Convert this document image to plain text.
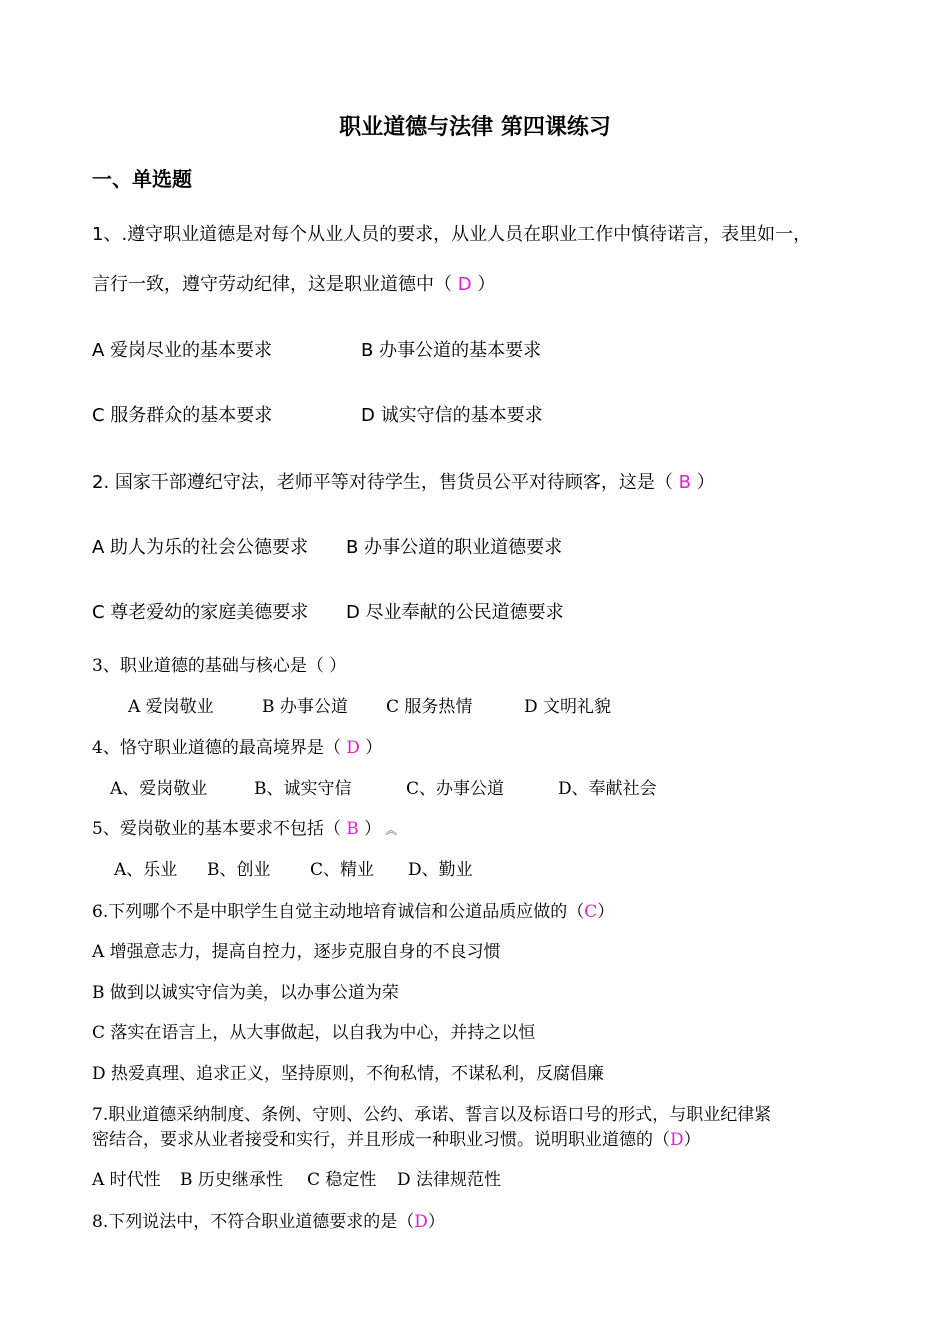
职业道德与法律 第四课练习
一、单选题
1、.遵守职业道德是对每个从业人员的要求，从业人员在职业工作中慎待诺言，表里如一，
言行一致，遵守劳动纪律，这是职业道德中（ D ）
A 爱岗尽业的基本要求	B 办事公道的基本要求
C 服务群众的基本要求	D 诚实守信的基本要求
2. 国家干部遵纪守法，老师平等对待学生，售货员公平对待顾客，这是（ B ）
A 助人为乐的社会公德要求 B 办事公道的职业道德要求
C 尊老爱幼的家庭美德要求 D 尽业奉献的公民道德要求
3、职业道德的基础与核心是（ ）
A 爱岗敬业	B 办事公道 C 服务热情	D 文明礼貌
4、恪守职业道德的最高境界是（ D ）
A、爱岗敬业	B、诚实守信	C、办事公道	D、奉献社会
5、爱岗敬业的基本要求不包括（ B ） ︽
A、乐业 B、创业 C、精业 D、勤业
6.下列哪个不是中职学生自觉主动地培育诚信和公道品质应做的（C）
A 增强意志力，提高自控力，逐步克服自身的不良习惯
B 做到以诚实守信为美，以办事公道为荣
C 落实在语言上，从大事做起，以自我为中心，并持之以恒
D 热爱真理、追求正义，坚持原则，不徇私情，不谋私利，反腐倡廉
7.职业道德采纳制度、条例、守则、公约、承诺、誓言以及标语口号的形式，与职业纪律紧
密结合，要求从业者接受和实行，并且形成一种职业习惯。说明职业道德的（D）
A 时代性 B 历史继承性 C 稳定性 D 法律规范性
8.下列说法中，不符合职业道德要求的是（D）
